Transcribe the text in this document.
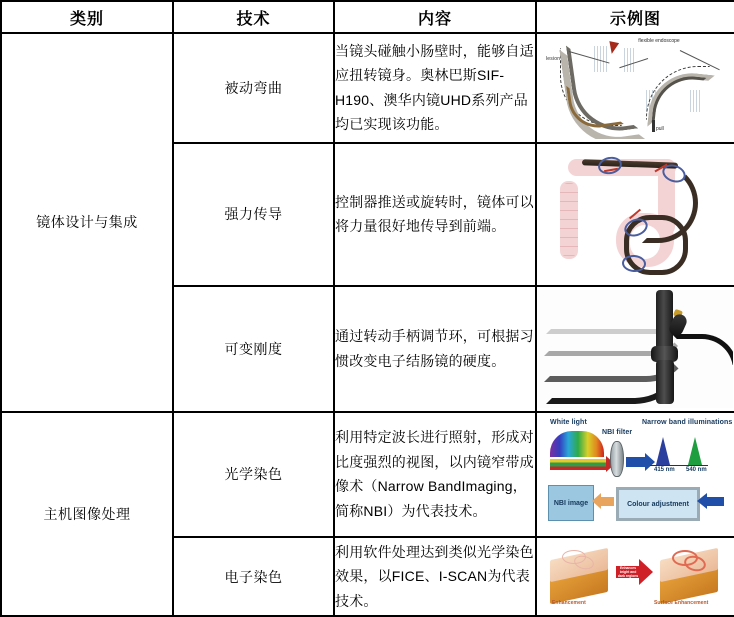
类别	技术	内容	示例图
镜体设计与集成	被动弯曲	当镜头碰触小肠壁时，能够自适应扭转镜身。奥林巴斯SIF-H190、澳华内镜UHD系列产品均已实现该功能。	lesion
flexible endoscope
pull

	强力传导	控制器推送或旋转时，镜体可以将力量很好地传导到前端。	

	可变刚度	通过转动手柄调节环，可根据习惯改变电子结肠镜的硬度。	

主机图像处理	光学染色	利用特定波长进行照射，形成对比度强烈的视图，以内镜窄带成像术（Narrow BandImaging，简称NBI）为代表技术。	
White light
NBI filter
Narrow band illuminations
415 nm 540 nm
NBI image	Colour adjustment

	电子染色	利用软件处理达到类似光学染色效果，以FICE、I-SCAN为代表技术。	Enhances bright and dark regions
Enhancement Surface Enhancement
